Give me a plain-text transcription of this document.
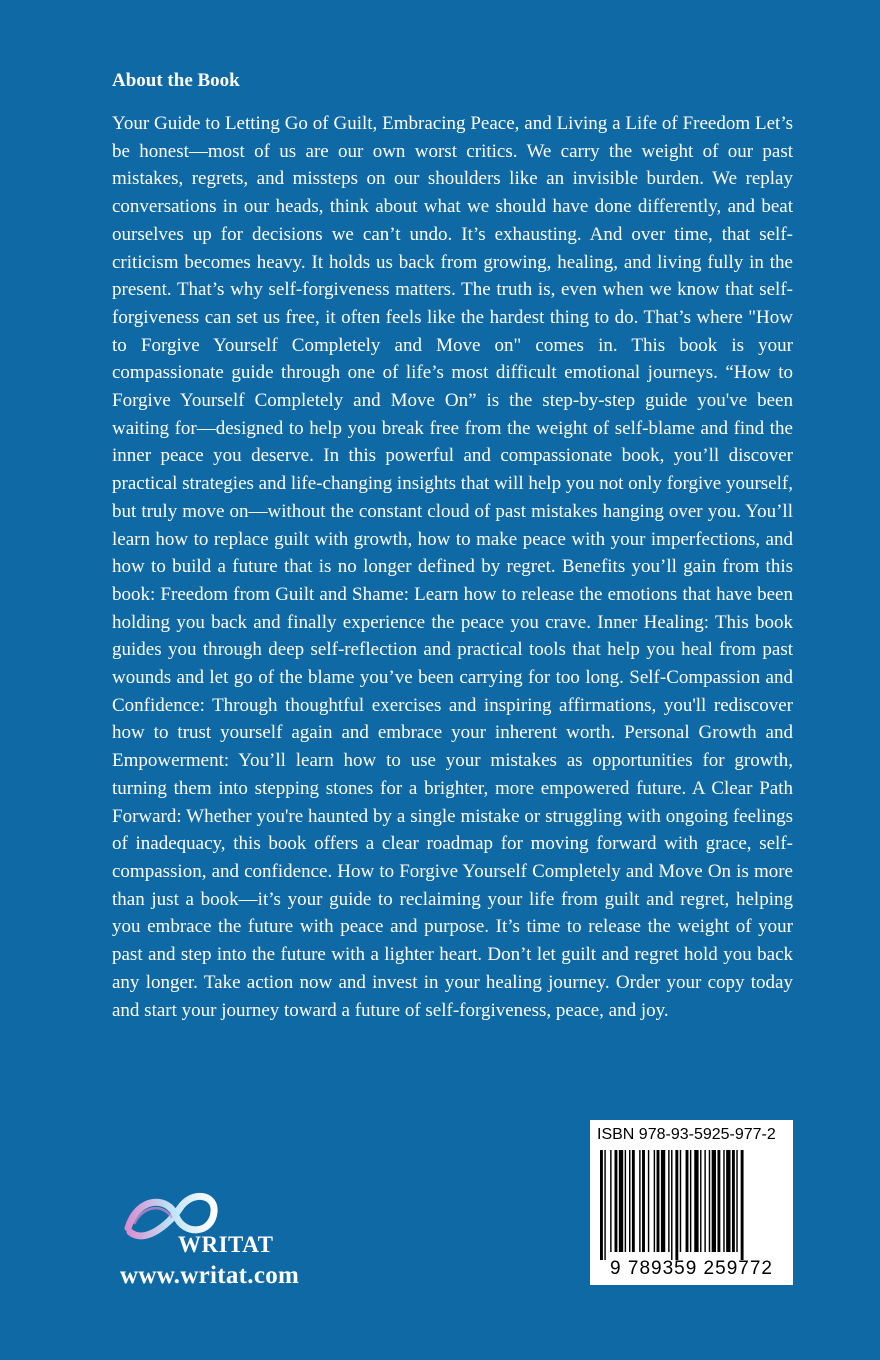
About the Book

Your Guide to Letting Go of Guilt, Embracing Peace, and Living a Life of Freedom Let’s be honest—most of us are our own worst critics. We carry the weight of our past mistakes, regrets, and missteps on our shoulders like an invisible burden. We replay conversations in our heads, think about what we should have done differently, and beat ourselves up for decisions we can’t undo. It’s exhausting. And over time, that self-criticism becomes heavy. It holds us back from growing, healing, and living fully in the present. That’s why self-forgiveness matters. The truth is, even when we know that self-forgiveness can set us free, it often feels like the hardest thing to do. That’s where "How to Forgive Yourself Completely and Move on" comes in. This book is your compassionate guide through one of life’s most difficult emotional journeys. “How to Forgive Yourself Completely and Move On” is the step-by-step guide you've been waiting for—designed to help you break free from the weight of self-blame and find the inner peace you deserve. In this powerful and compassionate book, you’ll discover practical strategies and life-changing insights that will help you not only forgive yourself, but truly move on—without the constant cloud of past mistakes hanging over you. You’ll learn how to replace guilt with growth, how to make peace with your imperfections, and how to build a future that is no longer defined by regret. Benefits you’ll gain from this book: Freedom from Guilt and Shame: Learn how to release the emotions that have been holding you back and finally experience the peace you crave. Inner Healing: This book guides you through deep self-reflection and practical tools that help you heal from past wounds and let go of the blame you’ve been carrying for too long. Self-Compassion and Confidence: Through thoughtful exercises and inspiring affirmations, you'll rediscover how to trust yourself again and embrace your inherent worth. Personal Growth and Empowerment: You’ll learn how to use your mistakes as opportunities for growth, turning them into stepping stones for a brighter, more empowered future. A Clear Path Forward: Whether you're haunted by a single mistake or struggling with ongoing feelings of inadequacy, this book offers a clear roadmap for moving forward with grace, self-compassion, and confidence. How to Forgive Yourself Completely and Move On is more than just a book—it’s your guide to reclaiming your life from guilt and regret, helping you embrace the future with peace and purpose. It’s time to release the weight of your past and step into the future with a lighter heart. Don’t let guilt and regret hold you back any longer. Take action now and invest in your healing journey. Order your copy today and start your journey toward a future of self-forgiveness, peace, and joy.

WRITAT
www.writat.com
ISBN 978-93-5925-977-2
9 789359 259772
